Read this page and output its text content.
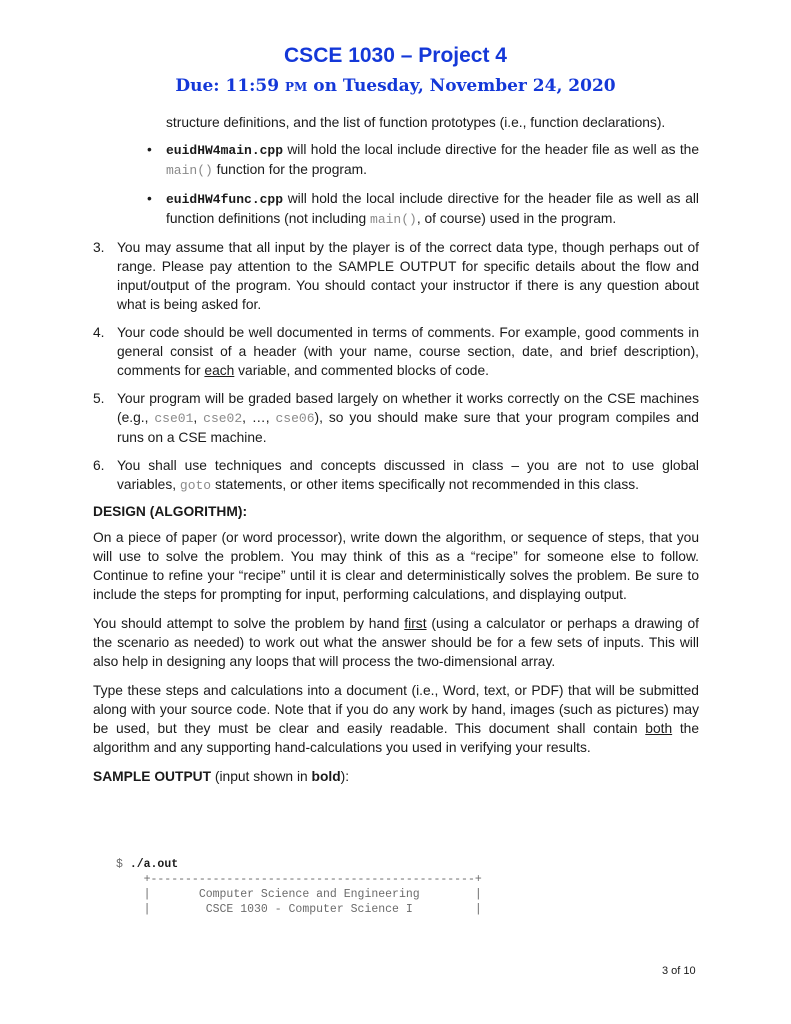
CSCE 1030 – Project 4
Due: 11:59 PM on Tuesday, November 24, 2020

structure definitions, and the list of function prototypes (i.e., function declarations).

• euidHW4main.cpp will hold the local include directive for the header file as well as the main() function for the program.
• euidHW4func.cpp will hold the local include directive for the header file as well as all function definitions (not including main(), of course) used in the program.
3. You may assume that all input by the player is of the correct data type, though perhaps out of range. Please pay attention to the SAMPLE OUTPUT for specific details about the flow and input/output of the program. You should contact your instructor if there is any question about what is being asked for.
4. Your code should be well documented in terms of comments. For example, good comments in general consist of a header (with your name, course section, date, and brief description), comments for each variable, and commented blocks of code.
5. Your program will be graded based largely on whether it works correctly on the CSE machines (e.g., cse01, cse02, …, cse06), so you should make sure that your program compiles and runs on a CSE machine.
6. You shall use techniques and concepts discussed in class – you are not to use global variables, goto statements, or other items specifically not recommended in this class.
DESIGN (ALGORITHM):

On a piece of paper (or word processor), write down the algorithm, or sequence of steps, that you will use to solve the problem. You may think of this as a “recipe” for someone else to follow. Continue to refine your “recipe” until it is clear and deterministically solves the problem. Be sure to include the steps for prompting for input, performing calculations, and displaying output.

You should attempt to solve the problem by hand first (using a calculator or perhaps a drawing of the scenario as needed) to work out what the answer should be for a few sets of inputs. This will also help in designing any loops that will process the two-dimensional array.

Type these steps and calculations into a document (i.e., Word, text, or PDF) that will be submitted along with your source code. Note that if you do any work by hand, images (such as pictures) may be used, but they must be clear and easily readable. This document shall contain both the algorithm and any supporting hand-calculations you used in verifying your results.

SAMPLE OUTPUT (input shown in bold):

$ ./a.out
+-----------------------------------------------+
|       Computer Science and Engineering        |
|        CSCE 1030 - Computer Science I         |
3 of 10
